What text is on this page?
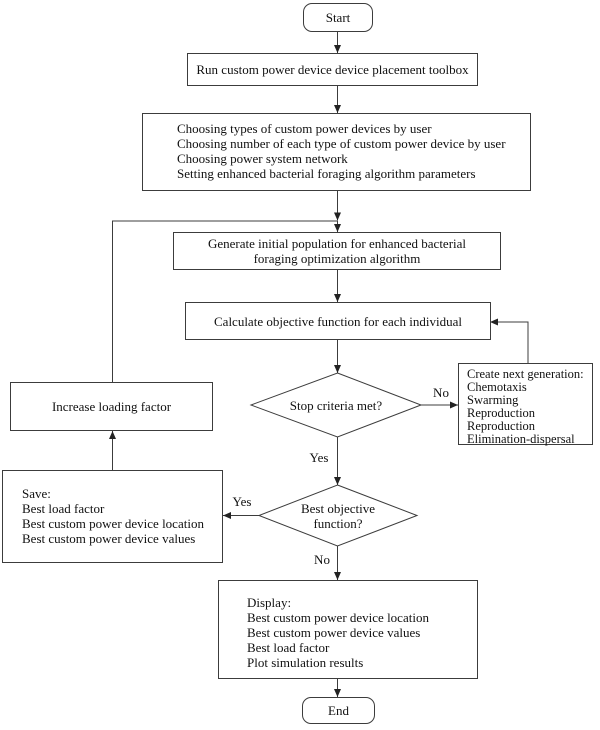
Start
Run custom power device device placement toolbox
Choosing types of custom power devices by user
Choosing number of each type of custom power device by user
Choosing power system network
Setting enhanced bacterial foraging algorithm parameters
Generate initial population for enhanced bacterial
foraging optimization algorithm
Calculate objective function for each individual
Stop criteria met?
Create next generation:
Chemotaxis
Swarming
Reproduction
Reproduction
Elimination-dispersal
Best objective function?
Save:
Best load factor
Best custom power device location
Best custom power device values
Increase loading factor
Display:
Best custom power device location
Best custom power device values
Best load factor
Plot simulation results
End
No
Yes
Yes
No
